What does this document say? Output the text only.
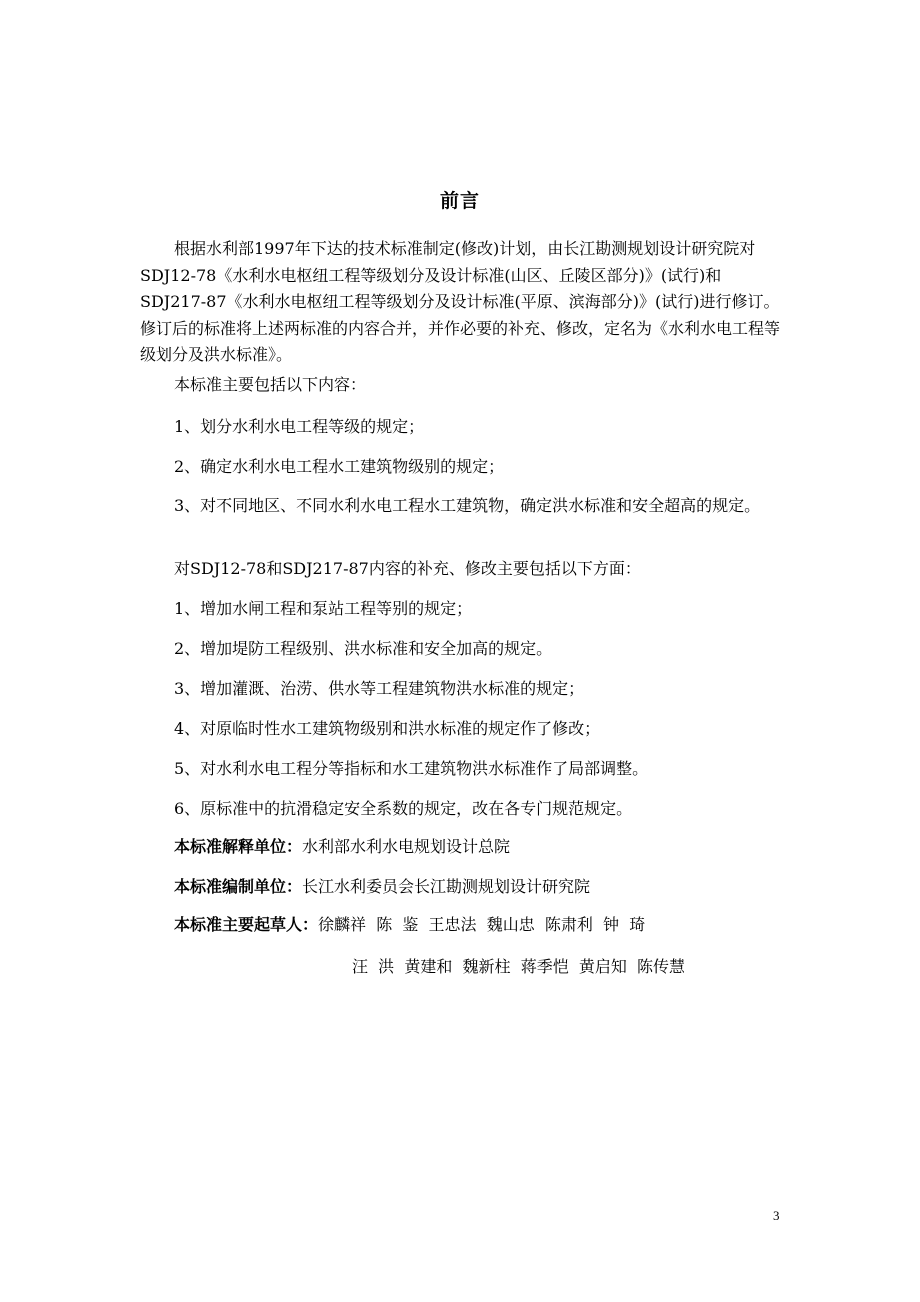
前言

根据水利部1997年下达的技术标准制定(修改)计划，由长江勘测规划设计研究院对SDJ12-78《水利水电枢纽工程等级划分及设计标准(山区、丘陵区部分)》(试行)和SDJ217-87《水利水电枢纽工程等级划分及设计标准(平原、滨海部分)》(试行)进行修订。修订后的标准将上述两标准的内容合并，并作必要的补充、修改，定名为《水利水电工程等级划分及洪水标准》。

本标准主要包括以下内容：

1、划分水利水电工程等级的规定；

2、确定水利水电工程水工建筑物级别的规定；

3、对不同地区、不同水利水电工程水工建筑物，确定洪水标准和安全超高的规定。

对SDJ12-78和SDJ217-87内容的补充、修改主要包括以下方面：

1、增加水闸工程和泵站工程等别的规定；

2、增加堤防工程级别、洪水标准和安全加高的规定。

3、增加灌溉、治涝、供水等工程建筑物洪水标准的规定；

4、对原临时性水工建筑物级别和洪水标准的规定作了修改；

5、对水利水电工程分等指标和水工建筑物洪水标准作了局部调整。

6、原标准中的抗滑稳定安全系数的规定，改在各专门规范规定。

本标准解释单位：水利部水利水电规划设计总院

本标准编制单位：长江水利委员会长江勘测规划设计研究院

本标准主要起草人：徐麟祥  陈  鉴  王忠法  魏山忠  陈肃利  钟  琦

汪  洪  黄建和  魏新柱  蒋季恺  黄启知  陈传慧
3
